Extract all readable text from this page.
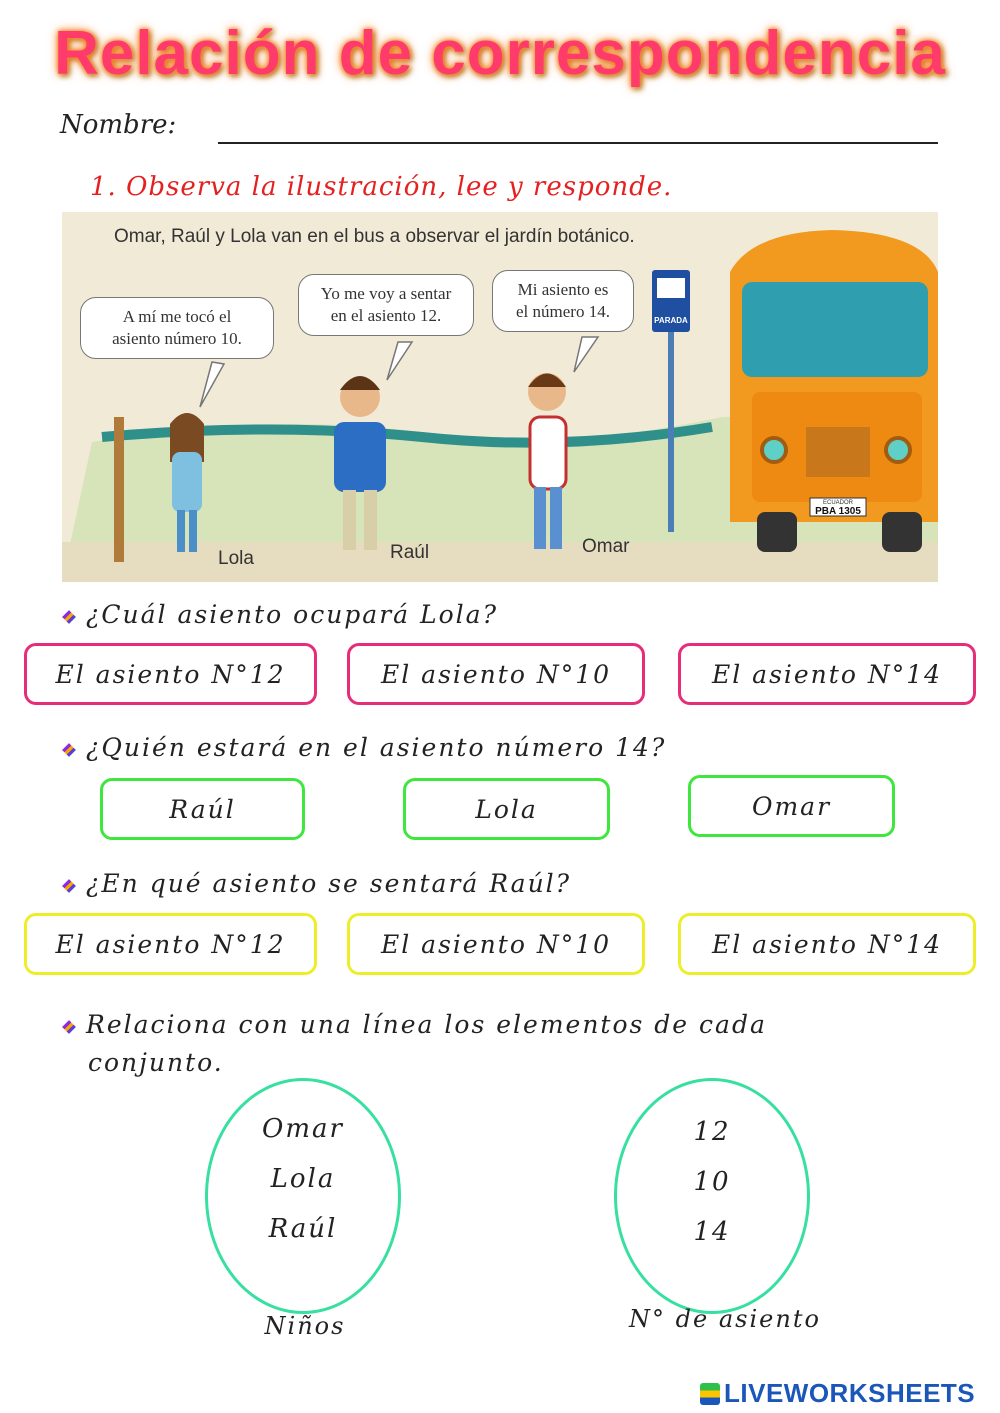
Relación de correspondencia
Nombre:
1. Observa la ilustración, lee y responde.
Omar, Raúl y Lola van en el bus a observar el jardín botánico.
A mí me tocó el
asiento número 10.
Yo me voy a sentar
en el asiento 12.
Mi asiento es
el número 14.	PARADA
ECUADOR
PBA 1305
Lola	Raúl	Omar
¿Cuál asiento ocupará Lola?
El asiento N°12	El asiento N°10	El asiento N°14
¿Quién estará en el asiento número 14?
Raúl	Lola	Omar
¿En qué asiento se sentará Raúl?
El asiento N°12	El asiento N°10	El asiento N°14
Relaciona con una línea los elementos de cada
conjunto.
Omar
Lola
Raúl
Niños
12
10
14
N° de asiento
LIVEWORKSHEETS
